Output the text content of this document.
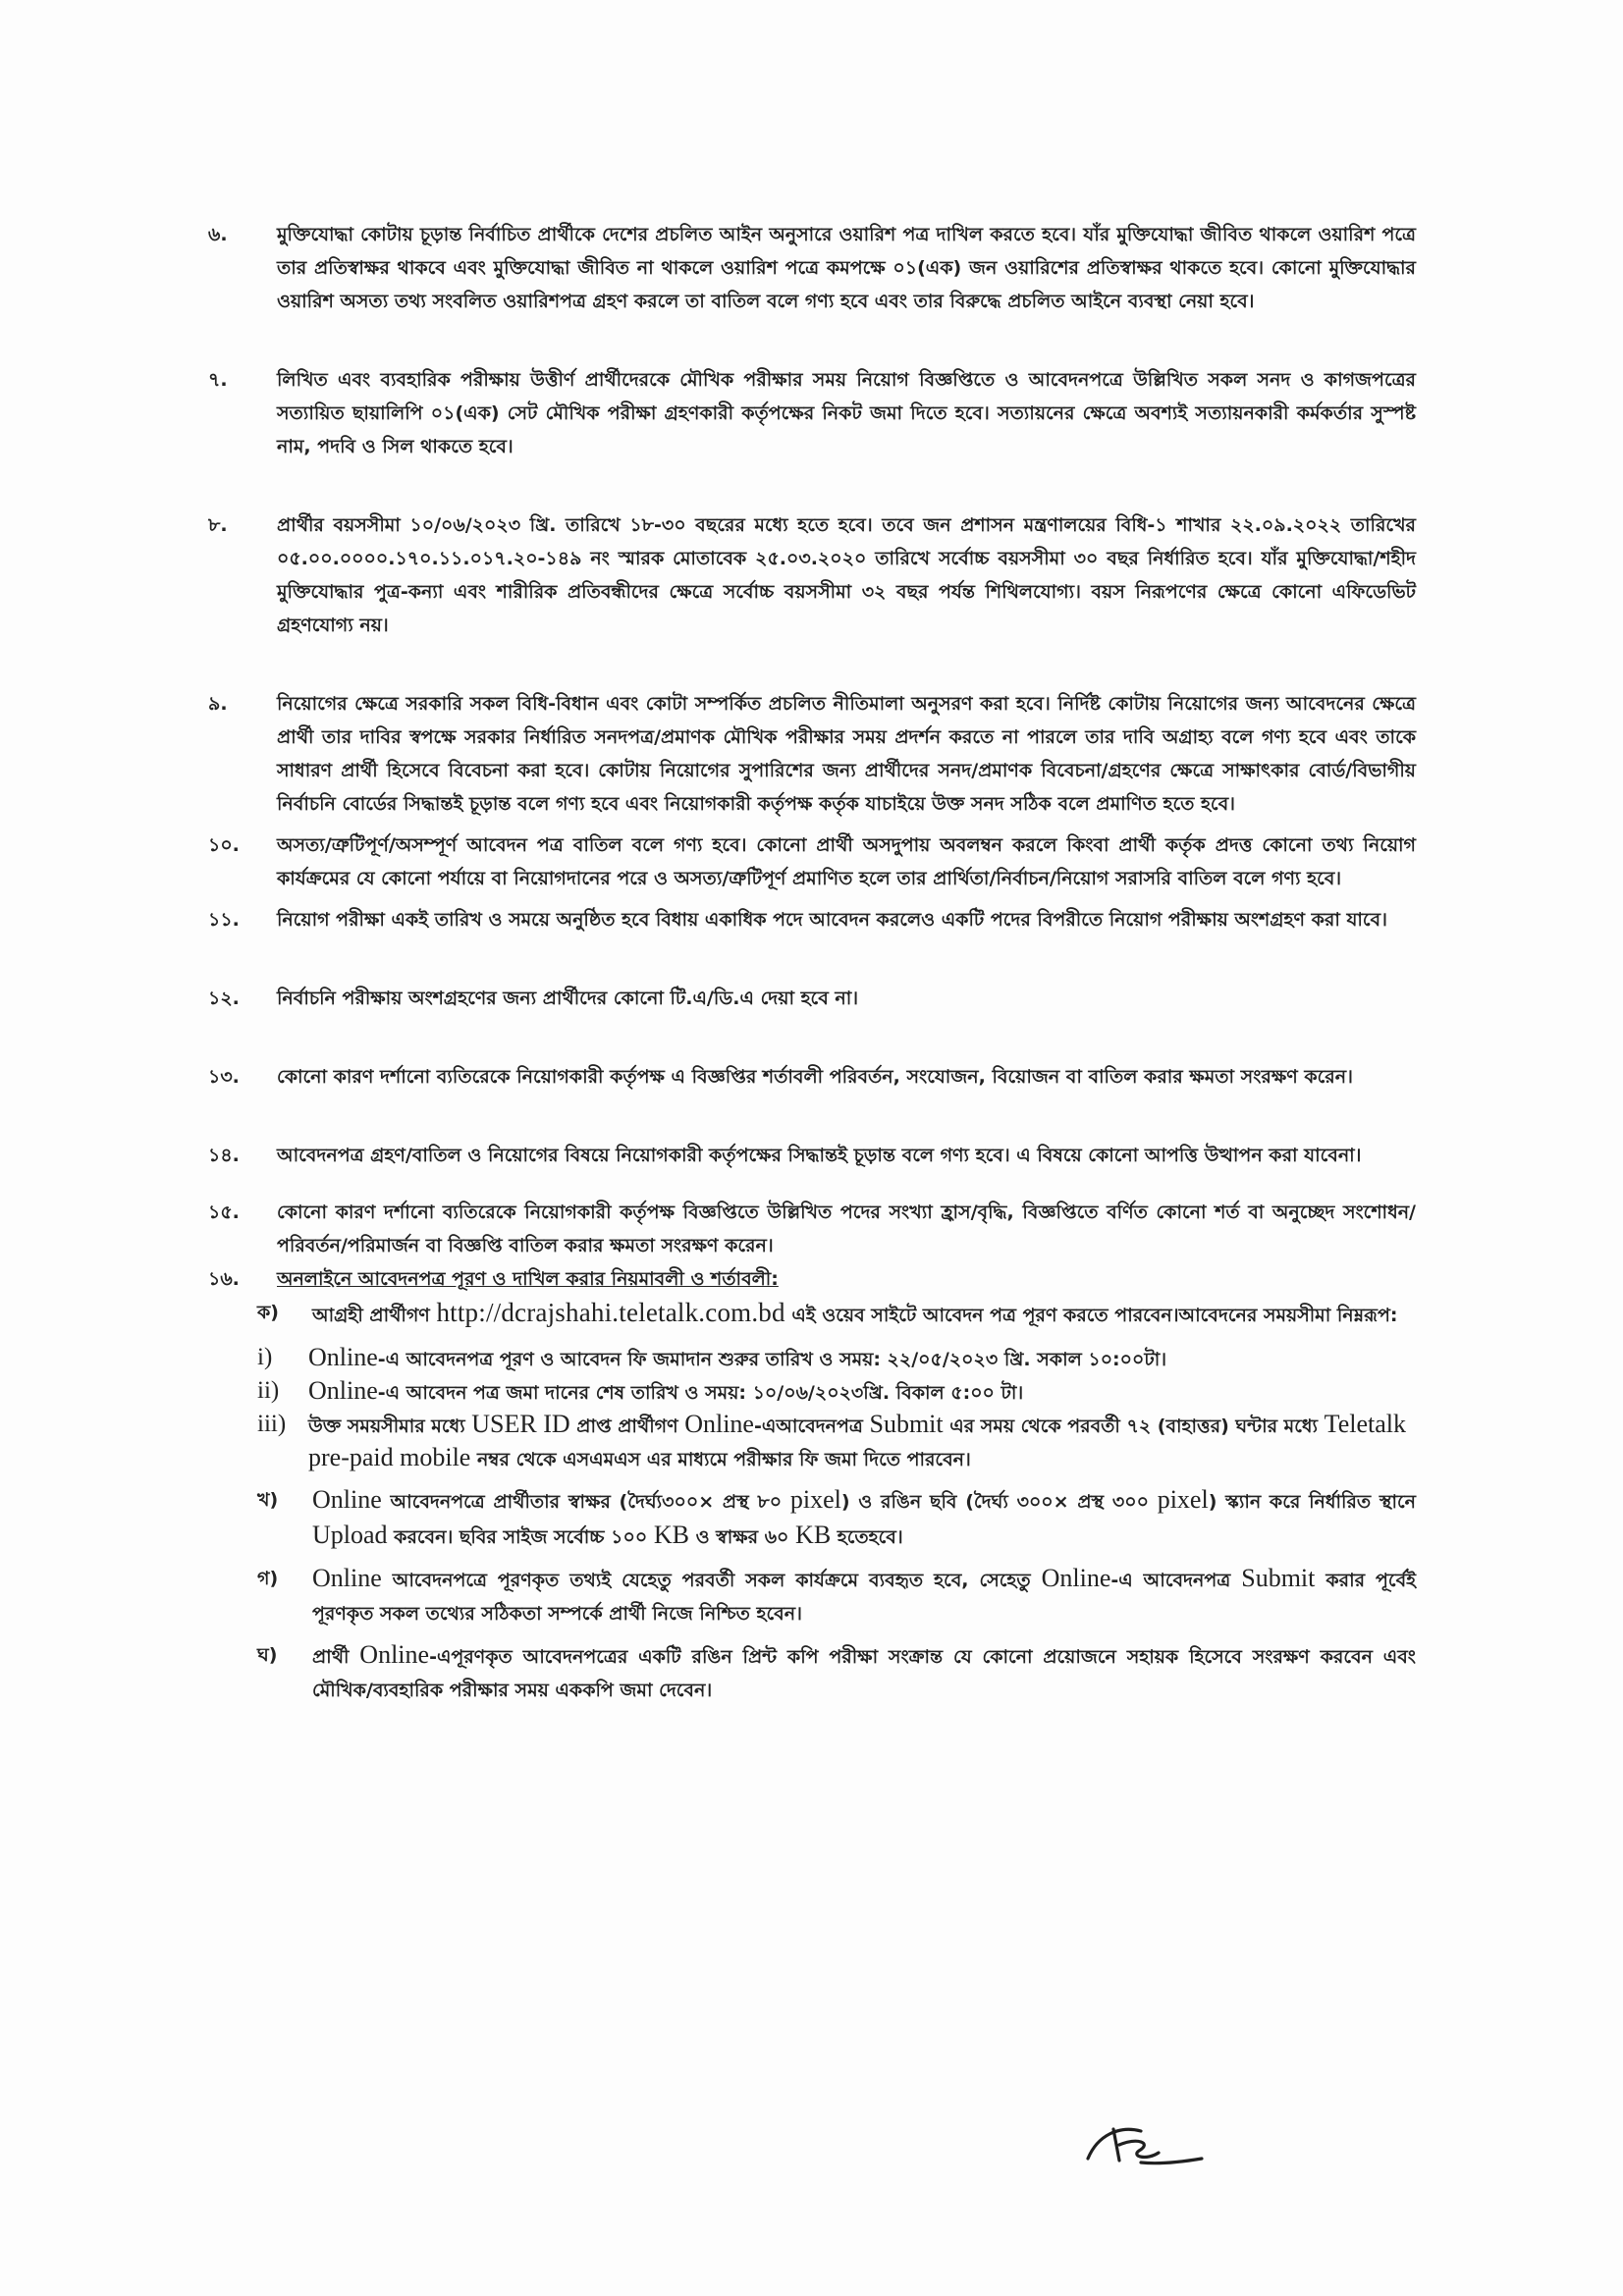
৬.	মুক্তিযোদ্ধা কোটায় চূড়ান্ত নির্বাচিত প্রার্থীকে দেশের প্রচলিত আইন অনুসারে ওয়ারিশ পত্র দাখিল করতে হবে। যাঁর মুক্তিযোদ্ধা জীবিত থাকলে ওয়ারিশ পত্রে তার প্রতিস্বাক্ষর থাকবে এবং মুক্তিযোদ্ধা জীবিত না থাকলে ওয়ারিশ পত্রে কমপক্ষে ০১(এক) জন ওয়ারিশের প্রতিস্বাক্ষর থাকতে হবে। কোনো মুক্তিযোদ্ধার ওয়ারিশ অসত্য তথ্য সংবলিত ওয়ারিশপত্র গ্রহণ করলে তা বাতিল বলে গণ্য হবে এবং তার বিরুদ্ধে প্রচলিত আইনে ব্যবস্থা নেয়া হবে।
৭.	লিখিত এবং ব্যবহারিক পরীক্ষায় উত্তীর্ণ প্রার্থীদেরকে মৌখিক পরীক্ষার সময় নিয়োগ বিজ্ঞপ্তিতে ও আবেদনপত্রে উল্লিখিত সকল সনদ ও কাগজপত্রের সত্যায়িত ছায়ালিপি ০১(এক) সেট মৌখিক পরীক্ষা গ্রহণকারী কর্তৃপক্ষের নিকট জমা দিতে হবে। সত্যায়নের ক্ষেত্রে অবশ্যই সত্যায়নকারী কর্মকর্তার সুস্পষ্ট নাম, পদবি ও সিল থাকতে হবে।
৮.	প্রার্থীর বয়সসীমা ১০/০৬/২০২৩ খ্রি. তারিখে ১৮-৩০ বছরের মধ্যে হতে হবে। তবে জন প্রশাসন মন্ত্রণালয়ের বিধি-১ শাখার ২২.০৯.২০২২ তারিখের ০৫.০০.০০০০.১৭০.১১.০১৭.২০-১৪৯ নং স্মারক মোতাবেক ২৫.০৩.২০২০ তারিখে সর্বোচ্চ বয়সসীমা ৩০ বছর নির্ধারিত হবে। যাঁর মুক্তিযোদ্ধা/শহীদ মুক্তিযোদ্ধার পুত্র-কন্যা এবং শারীরিক প্রতিবন্ধীদের ক্ষেত্রে সর্বোচ্চ বয়সসীমা ৩২ বছর পর্যন্ত শিথিলযোগ্য। বয়স নিরূপণের ক্ষেত্রে কোনো এফিডেভিট গ্রহণযোগ্য নয়।
৯.	নিয়োগের ক্ষেত্রে সরকারি সকল বিধি-বিধান এবং কোটা সম্পর্কিত প্রচলিত নীতিমালা অনুসরণ করা হবে। নির্দিষ্ট কোটায় নিয়োগের জন্য আবেদনের ক্ষেত্রে প্রার্থী তার দাবির স্বপক্ষে সরকার নির্ধারিত সনদপত্র/প্রমাণক মৌখিক পরীক্ষার সময় প্রদর্শন করতে না পারলে তার দাবি অগ্রাহ্য বলে গণ্য হবে এবং তাকে সাধারণ প্রার্থী হিসেবে বিবেচনা করা হবে। কোটায় নিয়োগের সুপারিশের জন্য প্রার্থীদের সনদ/প্রমাণক বিবেচনা/গ্রহণের ক্ষেত্রে সাক্ষাৎকার বোর্ড/বিভাগীয় নির্বাচনি বোর্ডের সিদ্ধান্তই চূড়ান্ত বলে গণ্য হবে এবং নিয়োগকারী কর্তৃপক্ষ কর্তৃক যাচাইয়ে উক্ত সনদ সঠিক বলে প্রমাণিত হতে হবে।
১০.	অসত্য/ত্রুটিপূর্ণ/অসম্পূর্ণ আবেদন পত্র বাতিল বলে গণ্য হবে। কোনো প্রার্থী অসদুপায় অবলম্বন করলে কিংবা প্রার্থী কর্তৃক প্রদত্ত কোনো তথ্য নিয়োগ কার্যক্রমের যে কোনো পর্যায়ে বা নিয়োগদানের পরে ও অসত্য/ত্রুটিপূর্ণ প্রমাণিত হলে তার প্রার্থিতা/নির্বাচন/নিয়োগ সরাসরি বাতিল বলে গণ্য হবে।
১১.	নিয়োগ পরীক্ষা একই তারিখ ও সময়ে অনুষ্ঠিত হবে বিধায় একাধিক পদে আবেদন করলেও একটি পদের বিপরীতে নিয়োগ পরীক্ষায় অংশগ্রহণ করা যাবে।
১২.	নির্বাচনি পরীক্ষায় অংশগ্রহণের জন্য প্রার্থীদের কোনো টি.এ/ডি.এ দেয়া হবে না।
১৩.	কোনো কারণ দর্শানো ব্যতিরেকে নিয়োগকারী কর্তৃপক্ষ এ বিজ্ঞপ্তির শর্তাবলী পরিবর্তন, সংযোজন, বিয়োজন বা বাতিল করার ক্ষমতা সংরক্ষণ করেন।
১৪.	আবেদনপত্র গ্রহণ/বাতিল ও নিয়োগের বিষয়ে নিয়োগকারী কর্তৃপক্ষের সিদ্ধান্তই চূড়ান্ত বলে গণ্য হবে। এ বিষয়ে কোনো আপত্তি উত্থাপন করা যাবেনা।
১৫.	কোনো কারণ দর্শানো ব্যতিরেকে নিয়োগকারী কর্তৃপক্ষ বিজ্ঞপ্তিতে উল্লিখিত পদের সংখ্যা হ্রাস/বৃদ্ধি, বিজ্ঞপ্তিতে বর্ণিত কোনো শর্ত বা অনুচ্ছেদ সংশোধন/পরিবর্তন/পরিমার্জন বা বিজ্ঞপ্তি বাতিল করার ক্ষমতা সংরক্ষণ করেন।
১৬.	অনলাইনে আবেদনপত্র পূরণ ও দাখিল করার নিয়মাবলী ও শর্তাবলী:
ক) আগ্রহী প্রার্থীগণ http://dcrajshahi.teletalk.com.bd এই ওয়েব সাইটে আবেদন পত্র পূরণ করতে পারবেন।আবেদনের সময়সীমা নিম্নরূপ:
i) Online-এ আবেদনপত্র পূরণ ও আবেদন ফি জমাদান শুরুর তারিখ ও সময়: ২২/০৫/২০২৩ খ্রি. সকাল ১০:০০টা।
ii) Online-এ আবেদন পত্র জমা দানের শেষ তারিখ ও সময়: ১০/০৬/২০২৩খ্রি. বিকাল ৫:০০ টা।
iii) উক্ত সময়সীমার মধ্যে USER ID প্রাপ্ত প্রার্থীগণ Online-এআবেদনপত্র Submit এর সময় থেকে পরবর্তী ৭২ (বাহাত্তর) ঘন্টার মধ্যে Teletalk pre-paid mobile নম্বর থেকে এসএমএস এর মাধ্যমে পরীক্ষার ফি জমা দিতে পারবেন।
খ) Online আবেদনপত্রে প্রার্থীতার স্বাক্ষর (দৈর্ঘ্য৩০০× প্রস্থ ৮০ pixel) ও রঙিন ছবি (দৈর্ঘ্য ৩০০× প্রস্থ ৩০০ pixel) স্ক্যান করে নির্ধারিত স্থানে Upload করবেন। ছবির সাইজ সর্বোচ্চ ১০০ KB ও স্বাক্ষর ৬০ KB হতেহবে।
গ) Online আবেদনপত্রে পূরণকৃত তথ্যই যেহেতু পরবর্তী সকল কার্যক্রমে ব্যবহৃত হবে, সেহেতু Online-এ আবেদনপত্র Submit করার পূর্বেই পূরণকৃত সকল তথ্যের সঠিকতা সম্পর্কে প্রার্থী নিজে নিশ্চিত হবেন।
ঘ) প্রার্থী Online-এপূরণকৃত আবেদনপত্রের একটি রঙিন প্রিন্ট কপি পরীক্ষা সংক্রান্ত যে কোনো প্রয়োজনে সহায়ক হিসেবে সংরক্ষণ করবেন এবং মৌখিক/ব্যবহারিক পরীক্ষার সময় এককপি জমা দেবেন।
